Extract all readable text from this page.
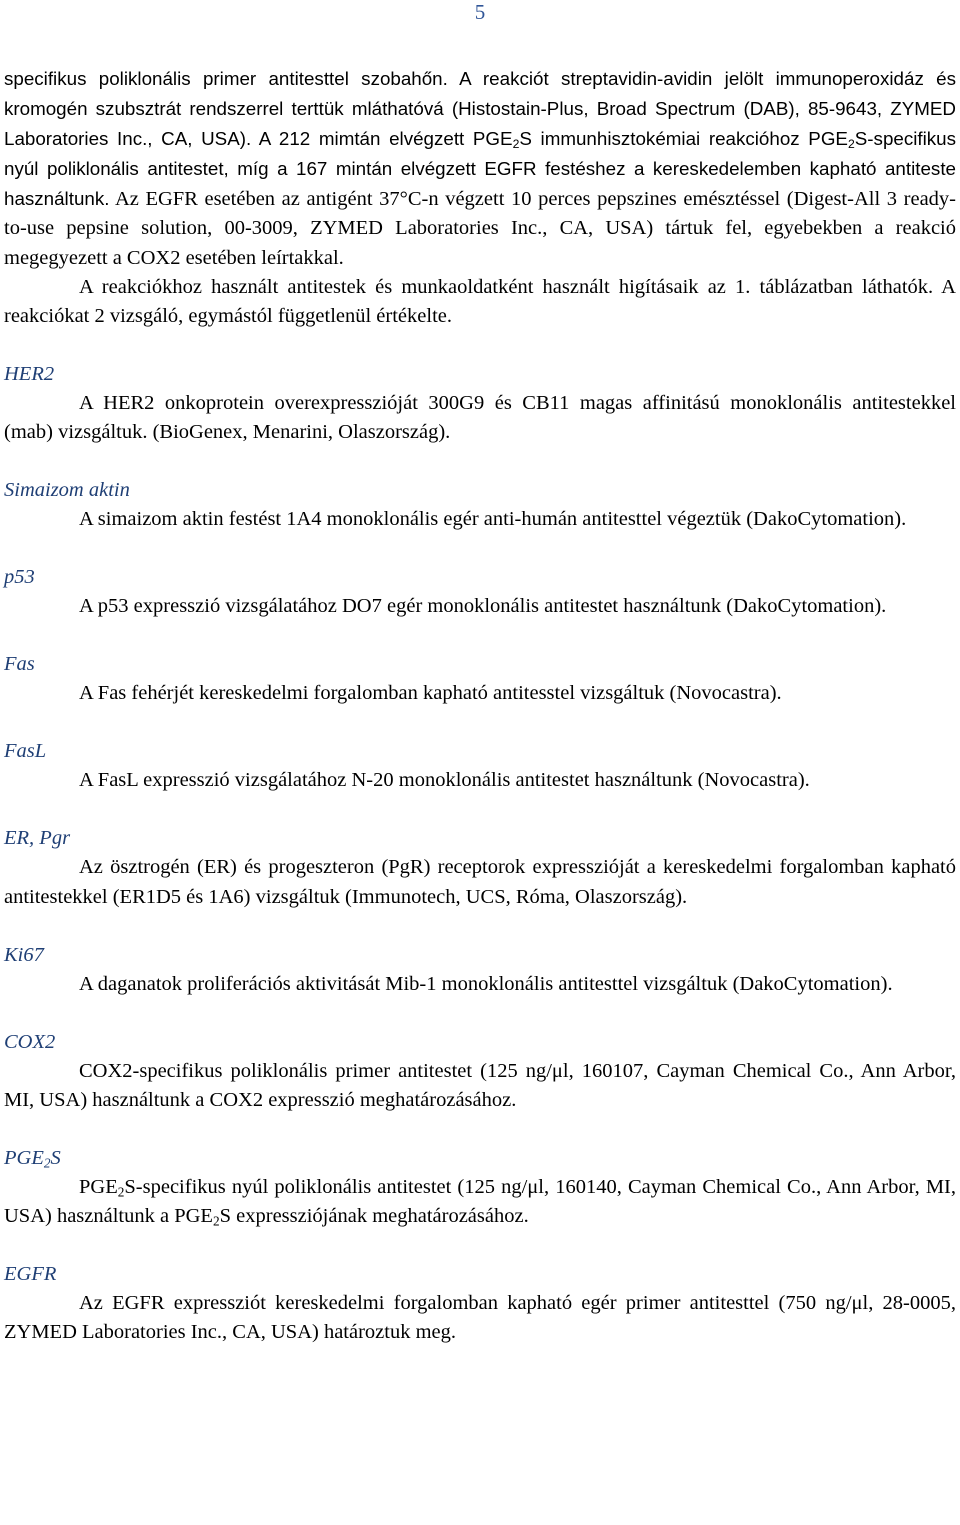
5

specifikus poliklonális primer antitesttel szobahőn. A reakciót streptavidin-avidin jelölt immunoperoxidáz és kromogén szubsztrát rendszerrel terttük mláthatóvá (Histostain-Plus, Broad Spectrum (DAB), 85-9643, ZYMED Laboratories Inc., CA, USA). A 212 mimtán elvégzett $PGE_2S$ immunhisztokémiai reakcióhoz $PGE_2S$-specifikus nyúl poliklonális antitestet, míg a 167 mintán elvégzett EGFR festéshez a kereskedelemben kapható antiteste használtunk. Az EGFR esetében az antigént 37°C-n végzett 10 perces pepszines emésztéssel (Digest-All 3 ready-to-use pepsine solution, 00-3009, ZYMED Laboratories Inc., CA, USA) tártuk fel, egyebekben a reakció megegyezett a COX2 esetében leírtakkal.

A reakciókhoz használt antitestek és munkaoldatként használt higításaik az 1. táblázatban láthatók. A reakciókat 2 vizsgáló, egymástól függetlenül értékelte.

HER2

A HER2 onkoprotein overexpresszióját 300G9 és CB11 magas affinitású monoklonális antitestekkel (mab) vizsgáltuk. (BioGenex, Menarini, Olaszország).

Simaizom aktin

A simaizom aktin festést 1A4 monoklonális egér anti-humán antitesttel végeztük (DakoCytomation).

p53

A p53 expresszió vizsgálatához DO7 egér monoklonális antitestet használtunk (DakoCytomation).

Fas

A Fas fehérjét kereskedelmi forgalomban kapható antitesstel vizsgáltuk (Novocastra).

FasL

A FasL expresszió vizsgálatához N-20 monoklonális antitestet használtunk (Novocastra).

ER, Pgr

Az ösztrogén (ER) és progeszteron (PgR) receptorok expresszióját a kereskedelmi forgalomban kapható antitestekkel (ER1D5 és 1A6) vizsgáltuk (Immunotech, UCS, Róma, Olaszország).

Ki67

A daganatok proliferációs aktivitását Mib-1 monoklonális antitesttel vizsgáltuk (DakoCytomation).

COX2

COX2-specifikus poliklonális primer antitestet (125 ng/μl, 160107, Cayman Chemical Co., Ann Arbor, MI, USA) használtunk a COX2 expresszió meghatározásához.

$PGE_2S$

$PGE_2S$-specifikus nyúl poliklonális antitestet (125 ng/μl, 160140, Cayman Chemical Co., Ann Arbor, MI, USA) használtunk a $PGE_2S$ expressziójának meghatározásához.

EGFR

Az EGFR expressziót kereskedelmi forgalomban kapható egér primer antitesttel (750 ng/μl, 28-0005, ZYMED Laboratories Inc., CA, USA) határoztuk meg.
